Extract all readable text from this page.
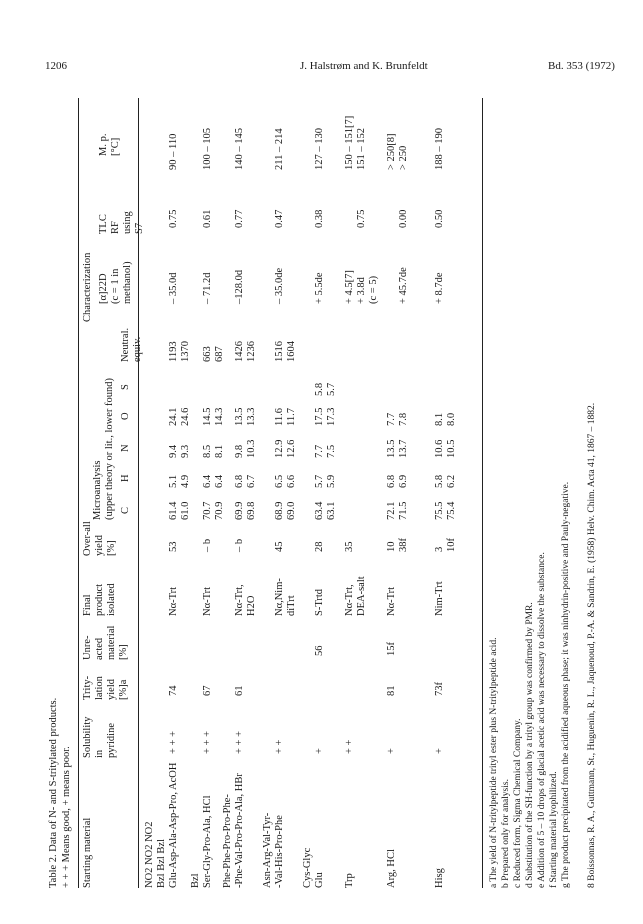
1206	J. Halstrøm and K. Brunfeldt	Bd. 353 (1972)
Table 2. Data of N- and S-tritylated products. + + + Means good, + means poor. Starting material
Solubility in pyridine
Trity- lation yield [%]a
Unre- acted material [%]
Final product isolated
Over-all yield [%]
Microanalysis (upper theory or lit., lower found)
Characterization
C
H
N
O
S
Neutral. equiv.
[α]22D (c = 1 in methanol)
TLC RF using S7
M. p. [°C]
NO2 NO2 NO2 Bzl Bzl Bzl Glu-Asp-Ala-Asp-Pro, AcOH
+ + +
74
Nα-Trt
53
61.4 61.0
5.1 4.9
9.4 9.3
24.1 24.6
1193 1370
– 35.0d
0.75
90 – 110
Bzl Ser-Gly-Pro-Ala, HCl
+ + +
67
Nα-Trt
– b
70.7 70.9
6.4 6.4
8.5 8.1
14.5 14.3
663 687
– 71.2d
0.61
100 – 105
Phe-Phe-Pro-Pro-Phe- -Phe-Val-Pro-Pro-Ala, HBr
+ + +
61
Nα-Trt, H2O
– b
69.9 69.8
6.8 6.7
9.8 10.3
13.5 13.3
1426 1236
–128.0d
0.77
140 – 145
Asn-Arg-Val-Tyr- -Val-His-Pro-Phe
+ +
Nα,Nim- diTrt
45
68.9 69.0
6.5 6.6
12.9 12.6
11.6 11.7
1516 1604
– 35.0de
0.47
211 – 214
Cys-Glyc Glu
+
56
S-Trtd
28
63.4 63.1
5.7 5.9
7.7 7.5
17.5 17.3
5.8 5.7
+ 5.5de
0.38
127 – 130
Trp
+ +
Nα-Trt, DEA-salt
35
+ 4.5[7] + 3.8d (c = 5)
0.75
150 – 151[7] 151 – 152
Arg, HCl
+
81
15f
Nα-Trt
10 38f
72.1 71.5
6.8 6.9
13.5 13.7
7.7 7.8
+ 45.7de
0.00
> 250[8] > 250
Hisg
+
73f
Nim-Trt
3 10f
75.5 75.4
5.8 6.2
10.6 10.5
8.1 8.0
+ 8.7de
0.50
188 – 190
a The yield of N-tritylpeptide trityl ester plus N-tritylpeptide acid. b Prepared only for analysis. c Reduced form, Sigma Chemical Company. d Substitution of the SH-function by a trityl group was confirmed by PMR. e Addition of 5 – 10 drops of glacial acetic acid was necessary to dissolve the substance. f Starting material lyophilized. g The product precipitated from the acidified aqueous phase; it was ninhydrin-positive and Pauly-negative. 8 Boissonnas, R. A., Guttmann, St., Huguenin, R. L., Jaquenoud, P.-A. & Sandrin, E. (1958) Helv. Chim. Acta 41, 1867 – 1882.
